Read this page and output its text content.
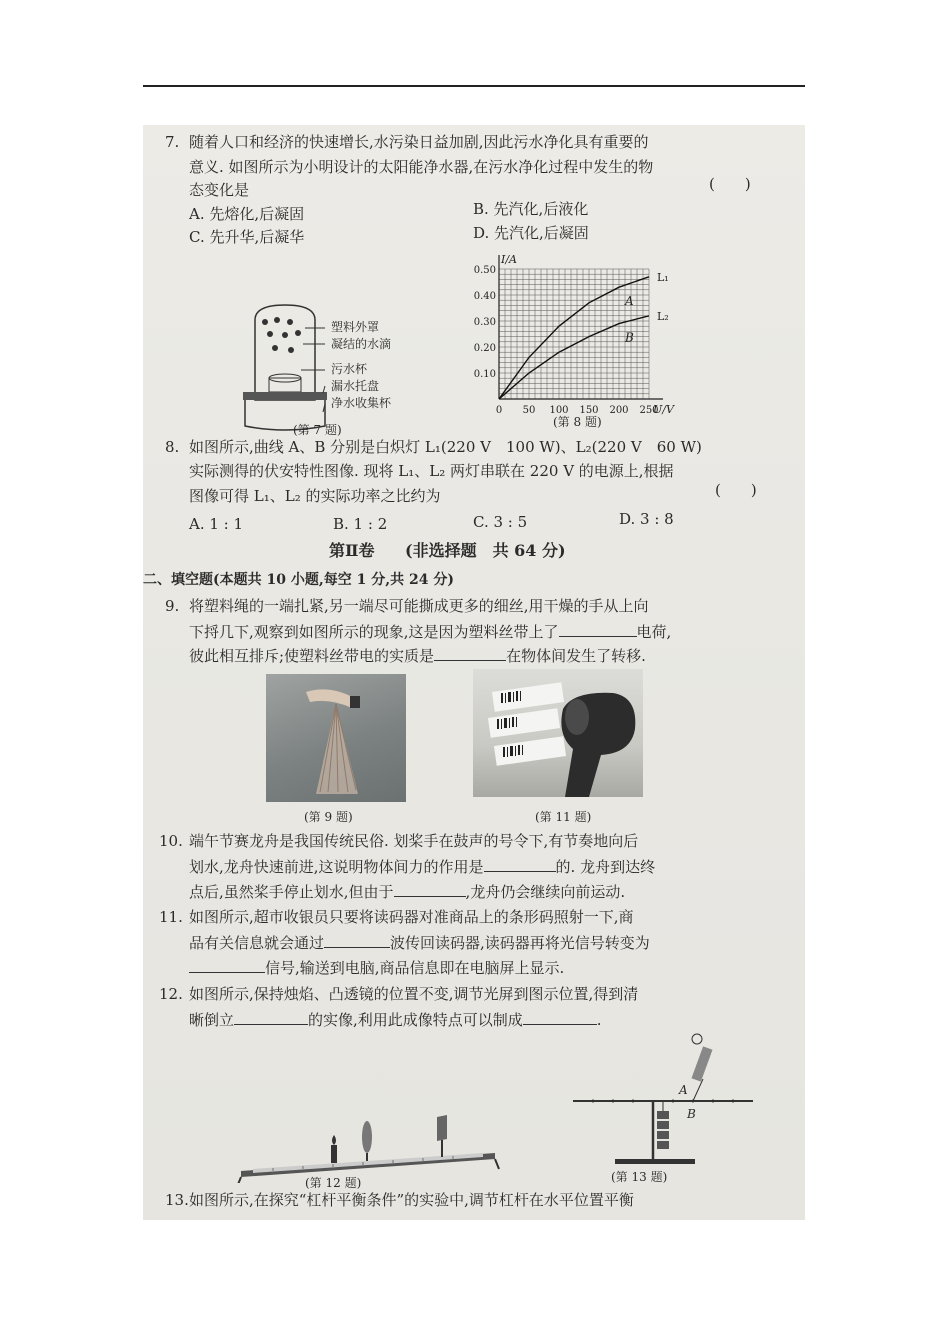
7. 随着人口和经济的快速增长,水污染日益加剧,因此污水净化具有重要的
意义. 如图所示为小明设计的太阳能净水器,在污水净化过程中发生的物
态变化是	(　　)
A. 先熔化,后凝固	B. 先汽化,后液化
C. 先升华,后凝华	D. 先汽化,后凝固
塑料外罩
凝结的水滴
污水杯
漏水托盘
净水收集杯
(第 7 题)
I/A
U/V
0 50 100 150 200 250
0.10
0.20
0.30
0.40
0.50
L₁
A
L₂
B
(第 8 题)
8. 如图所示,曲线 A、B 分别是白炽灯 L₁(220 V　100 W)、L₂(220 V　60 W)
实际测得的伏安特性图像. 现将 L₁、L₂ 两灯串联在 220 V 的电源上,根据
图像可得 L₁、L₂ 的实际功率之比约为	(　　)
A. 1 : 1	B. 1 : 2	C. 3 : 5	D. 3 : 8
第Ⅱ卷 (非选择题　共 64 分)
二、填空题(本题共 10 小题,每空 1 分,共 24 分)
9. 将塑料绳的一端扎紧,另一端尽可能撕成更多的细丝,用干燥的手从上向
下捋几下,观察到如图所示的现象,这是因为塑料丝带上了	电荷,
彼此相互排斥;使塑料丝带电的实质是	在物体间发生了转移.
(第 9 题)	(第 11 题)
10. 端午节赛龙舟是我国传统民俗. 划桨手在鼓声的号令下,有节奏地向后
划水,龙舟快速前进,这说明物体间力的作用是	的. 龙舟到达终
点后,虽然桨手停止划水,但由于	,龙舟仍会继续向前运动.
11. 如图所示,超市收银员只要将读码器对准商品上的条形码照射一下,商
品有关信息就会通过	波传回读码器,读码器再将光信号转变为
信号,输送到电脑,商品信息即在电脑屏上显示.
12. 如图所示,保持烛焰、凸透镜的位置不变,调节光屏到图示位置,得到清
晰倒立	的实像,利用此成像特点可以制成	.
(第 12 题)
A
B
(第 13 题)
13. 如图所示,在探究“杠杆平衡条件”的实验中,调节杠杆在水平位置平衡
